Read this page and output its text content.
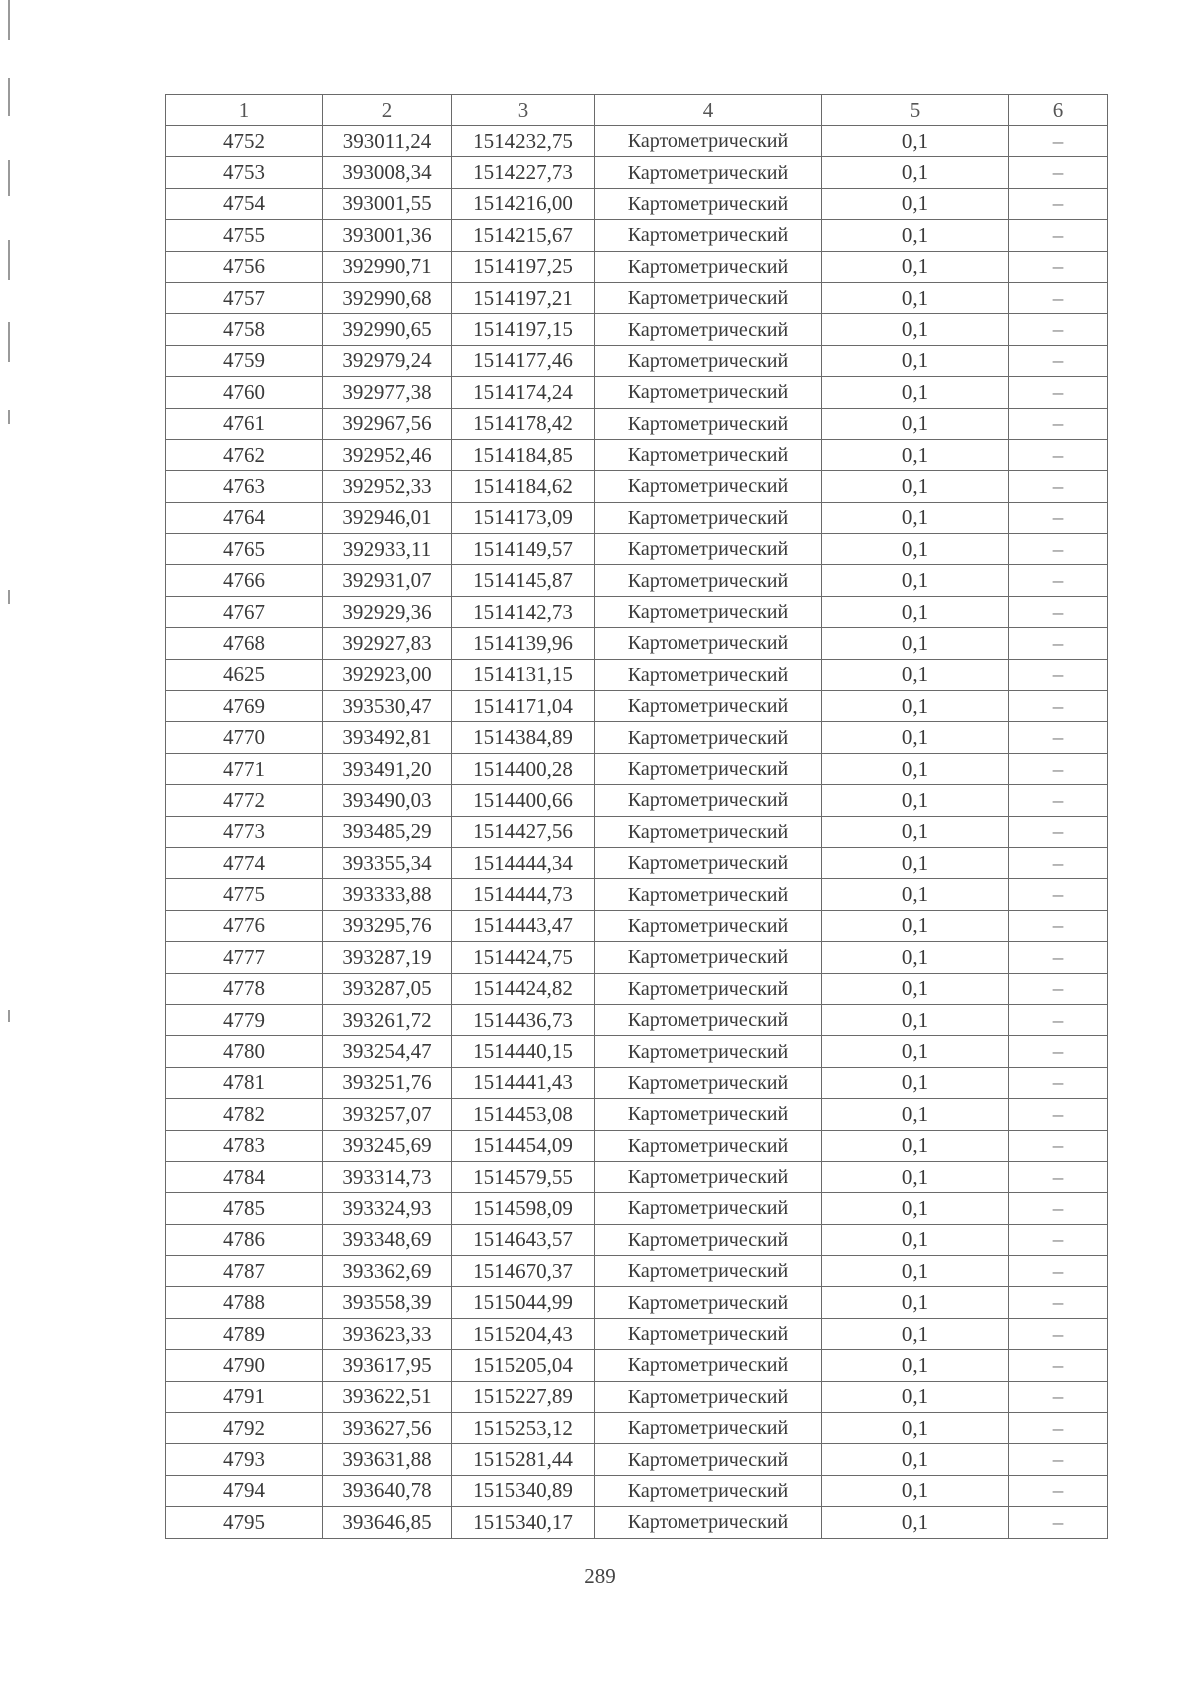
1	2	3	4	5	6
4752	393011,24	1514232,75	Картометрический	0,1	–
4753	393008,34	1514227,73	Картометрический	0,1	–
4754	393001,55	1514216,00	Картометрический	0,1	–
4755	393001,36	1514215,67	Картометрический	0,1	–
4756	392990,71	1514197,25	Картометрический	0,1	–
4757	392990,68	1514197,21	Картометрический	0,1	–
4758	392990,65	1514197,15	Картометрический	0,1	–
4759	392979,24	1514177,46	Картометрический	0,1	–
4760	392977,38	1514174,24	Картометрический	0,1	–
4761	392967,56	1514178,42	Картометрический	0,1	–
4762	392952,46	1514184,85	Картометрический	0,1	–
4763	392952,33	1514184,62	Картометрический	0,1	–
4764	392946,01	1514173,09	Картометрический	0,1	–
4765	392933,11	1514149,57	Картометрический	0,1	–
4766	392931,07	1514145,87	Картометрический	0,1	–
4767	392929,36	1514142,73	Картометрический	0,1	–
4768	392927,83	1514139,96	Картометрический	0,1	–
4625	392923,00	1514131,15	Картометрический	0,1	–
4769	393530,47	1514171,04	Картометрический	0,1	–
4770	393492,81	1514384,89	Картометрический	0,1	–
4771	393491,20	1514400,28	Картометрический	0,1	–
4772	393490,03	1514400,66	Картометрический	0,1	–
4773	393485,29	1514427,56	Картометрический	0,1	–
4774	393355,34	1514444,34	Картометрический	0,1	–
4775	393333,88	1514444,73	Картометрический	0,1	–
4776	393295,76	1514443,47	Картометрический	0,1	–
4777	393287,19	1514424,75	Картометрический	0,1	–
4778	393287,05	1514424,82	Картометрический	0,1	–
4779	393261,72	1514436,73	Картометрический	0,1	–
4780	393254,47	1514440,15	Картометрический	0,1	–
4781	393251,76	1514441,43	Картометрический	0,1	–
4782	393257,07	1514453,08	Картометрический	0,1	–
4783	393245,69	1514454,09	Картометрический	0,1	–
4784	393314,73	1514579,55	Картометрический	0,1	–
4785	393324,93	1514598,09	Картометрический	0,1	–
4786	393348,69	1514643,57	Картометрический	0,1	–
4787	393362,69	1514670,37	Картометрический	0,1	–
4788	393558,39	1515044,99	Картометрический	0,1	–
4789	393623,33	1515204,43	Картометрический	0,1	–
4790	393617,95	1515205,04	Картометрический	0,1	–
4791	393622,51	1515227,89	Картометрический	0,1	–
4792	393627,56	1515253,12	Картометрический	0,1	–
4793	393631,88	1515281,44	Картометрический	0,1	–
4794	393640,78	1515340,89	Картометрический	0,1	–
4795	393646,85	1515340,17	Картометрический	0,1	–
289
